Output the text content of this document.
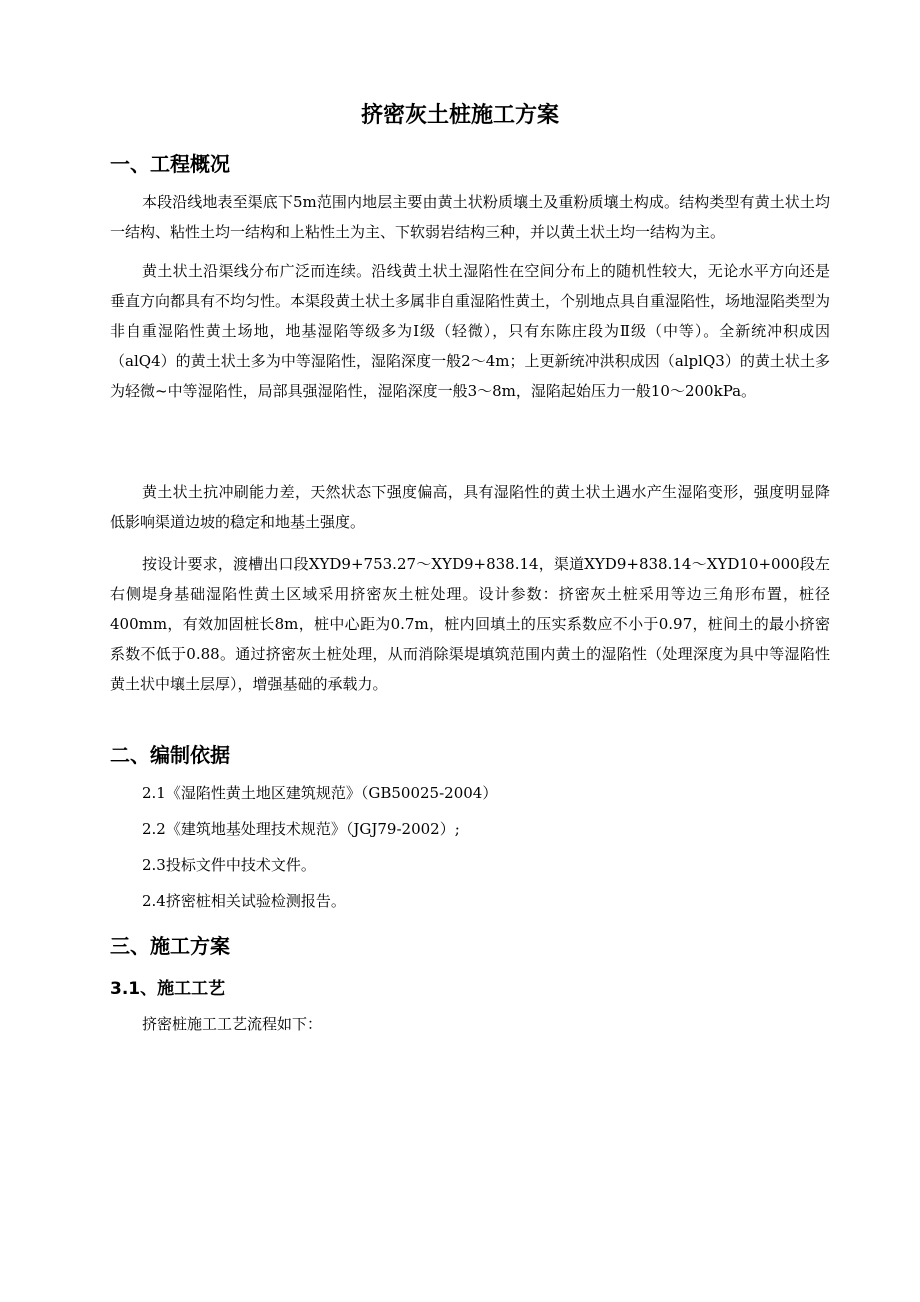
挤密灰土桩施工方案
一、工程概况
本段沿线地表至渠底下5m范围内地层主要由黄土状粉质壤土及重粉质壤土构成。结构类型有黄土状土均一结构、粘性土均一结构和上粘性土为主、下软弱岩结构三种，并以黄土状土均一结构为主。
黄土状土沿渠线分布广泛而连续。沿线黄土状土湿陷性在空间分布上的随机性较大，无论水平方向还是垂直方向都具有不均匀性。本渠段黄土状土多属非自重湿陷性黄土，个别地点具自重湿陷性，场地湿陷类型为非自重湿陷性黄土场地，地基湿陷等级多为Ⅰ级（轻微），只有东陈庄段为Ⅱ级（中等）。全新统冲积成因（alQ4）的黄土状土多为中等湿陷性，湿陷深度一般2～4m；上更新统冲洪积成因（alplQ3）的黄土状土多为轻微~中等湿陷性，局部具强湿陷性，湿陷深度一般3～8m，湿陷起始压力一般10～200kPa。
黄土状土抗冲刷能力差，天然状态下强度偏高，具有湿陷性的黄土状土遇水产生湿陷变形，强度明显降低影响渠道边坡的稳定和地基土强度。
按设计要求，渡槽出口段XYD9+753.27～XYD9+838.14，渠道XYD9+838.14～XYD10+000段左右侧堤身基础湿陷性黄土区域采用挤密灰土桩处理。设计参数：挤密灰土桩采用等边三角形布置，桩径400mm，有效加固桩长8m，桩中心距为0.7m，桩内回填土的压实系数应不小于0.97，桩间土的最小挤密系数不低于0.88。通过挤密灰土桩处理，从而消除渠堤填筑范围内黄土的湿陷性（处理深度为具中等湿陷性黄土状中壤土层厚），增强基础的承载力。
二、编制依据
2.1《湿陷性黄土地区建筑规范》（GB50025-2004）
2.2《建筑地基处理技术规范》（JGJ79-2002）;
2.3投标文件中技术文件。
2.4挤密桩相关试验检测报告。
三、施工方案
3.1、施工工艺
挤密桩施工工艺流程如下：
